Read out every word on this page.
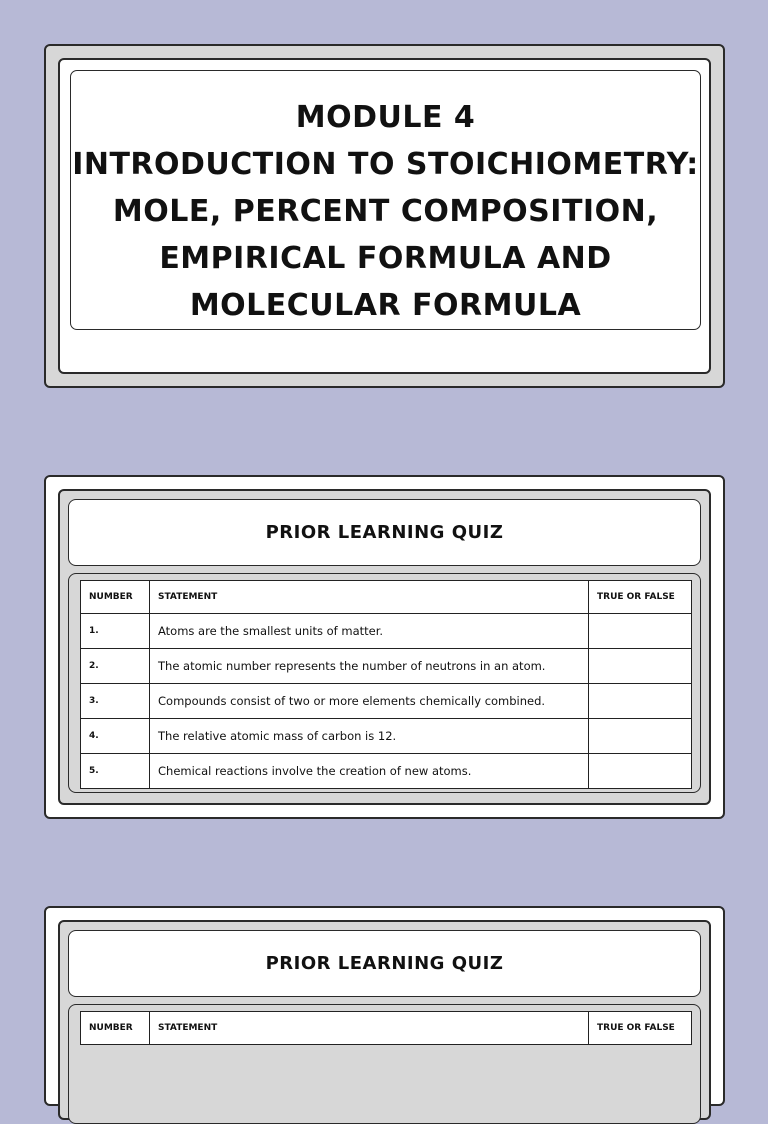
MODULE 4
INTRODUCTION TO STOICHIOMETRY:
MOLE, PERCENT COMPOSITION,
EMPIRICAL FORMULA AND
MOLECULAR FORMULA
PRIOR LEARNING QUIZ
NUMBER	STATEMENT	TRUE OR FALSE
1.	Atoms are the smallest units of matter.	
2.	The atomic number represents the number of neutrons in an atom.	
3.	Compounds consist of two or more elements chemically combined.	
4.	The relative atomic mass of carbon is 12.	
5.	Chemical reactions involve the creation of new atoms.	
PRIOR LEARNING QUIZ
NUMBER	STATEMENT	TRUE OR FALSE
